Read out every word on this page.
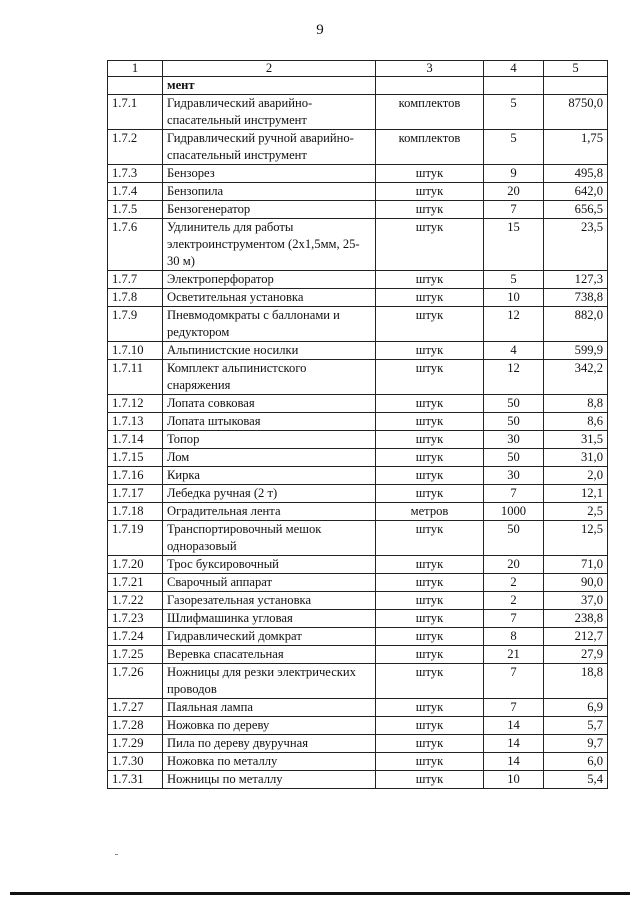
9
1	2	3	4	5
	мент			
1.7.1	Гидравлический аварийно-спасательный инструмент	комплектов	5	8750,0
1.7.2	Гидравлический ручной аварийно-спасательный инструмент	комплектов	5	1,75
1.7.3	Бензорез	штук	9	495,8
1.7.4	Бензопила	штук	20	642,0
1.7.5	Бензогенератор	штук	7	656,5
1.7.6	Удлинитель для работы электроинструментом (2х1,5мм, 25-30 м)	штук	15	23,5
1.7.7	Электроперфоратор	штук	5	127,3
1.7.8	Осветительная установка	штук	10	738,8
1.7.9	Пневмодомкраты с баллонами и редуктором	штук	12	882,0
1.7.10	Альпинистские носилки	штук	4	599,9
1.7.11	Комплект альпинистского снаряжения	штук	12	342,2
1.7.12	Лопата совковая	штук	50	8,8
1.7.13	Лопата штыковая	штук	50	8,6
1.7.14	Топор	штук	30	31,5
1.7.15	Лом	штук	50	31,0
1.7.16	Кирка	штук	30	2,0
1.7.17	Лебедка ручная (2 т)	штук	7	12,1
1.7.18	Оградительная лента	метров	1000	2,5
1.7.19	Транспортировочный мешок одноразовый	штук	50	12,5
1.7.20	Трос буксировочный	штук	20	71,0
1.7.21	Сварочный аппарат	штук	2	90,0
1.7.22	Газорезательная установка	штук	2	37,0
1.7.23	Шлифмашинка угловая	штук	7	238,8
1.7.24	Гидравлический домкрат	штук	8	212,7
1.7.25	Веревка спасательная	штук	21	27,9
1.7.26	Ножницы для резки электрических проводов	штук	7	18,8
1.7.27	Паяльная лампа	штук	7	6,9
1.7.28	Ножовка по дереву	штук	14	5,7
1.7.29	Пила по дереву двуручная	штук	14	9,7
1.7.30	Ножовка по металлу	штук	14	6,0
1.7.31	Ножницы по металлу	штук	10	5,4
